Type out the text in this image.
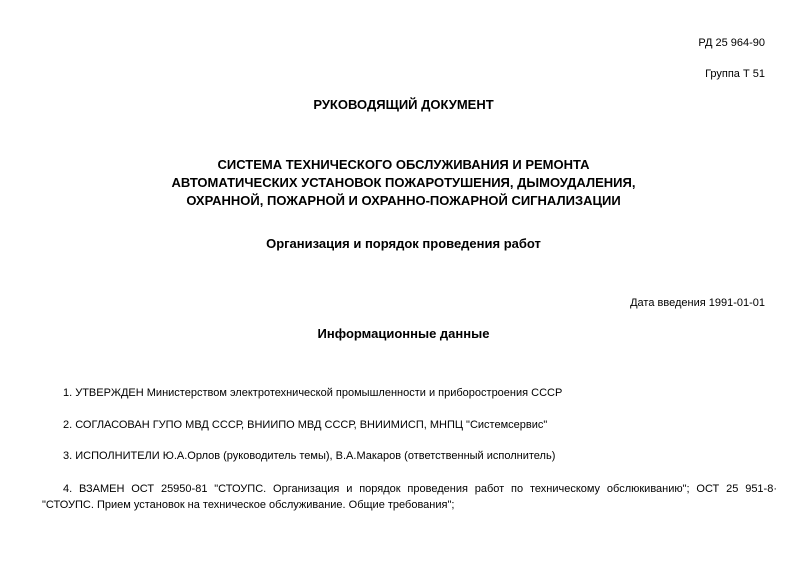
РД 25 964-90
Группа Т 51
РУКОВОДЯЩИЙ ДОКУМЕНТ
СИСТЕМА ТЕХНИЧЕСКОГО ОБСЛУЖИВАНИЯ И РЕМОНТА
АВТОМАТИЧЕСКИХ УСТАНОВОК ПОЖАРОТУШЕНИЯ, ДЫМОУДАЛЕНИЯ,
ОХРАННОЙ, ПОЖАРНОЙ И ОХРАННО-ПОЖАРНОЙ СИГНАЛИЗАЦИИ
Организация и порядок проведения работ
Дата введения 1991-01-01
Информационные данные
1. УТВЕРЖДЕН Министерством электротехнической промышленности и приборостроения СССР
2. СОГЛАСОВАН ГУПО МВД СССР, ВНИИПО МВД СССР, ВНИИМИСП, МНПЦ "Системсервис"
3. ИСПОЛНИТЕЛИ Ю.А.Орлов (руководитель темы), В.А.Макаров (ответственный исполнитель)
4. ВЗАМЕН ОСТ 25950-81 "СТОУПС. Организация и порядок проведения работ по техническому обслюкиванию"; ОСТ 25 951-8·
"СТОУПС. Прием установок на техническое обслуживание. Общие требования";
